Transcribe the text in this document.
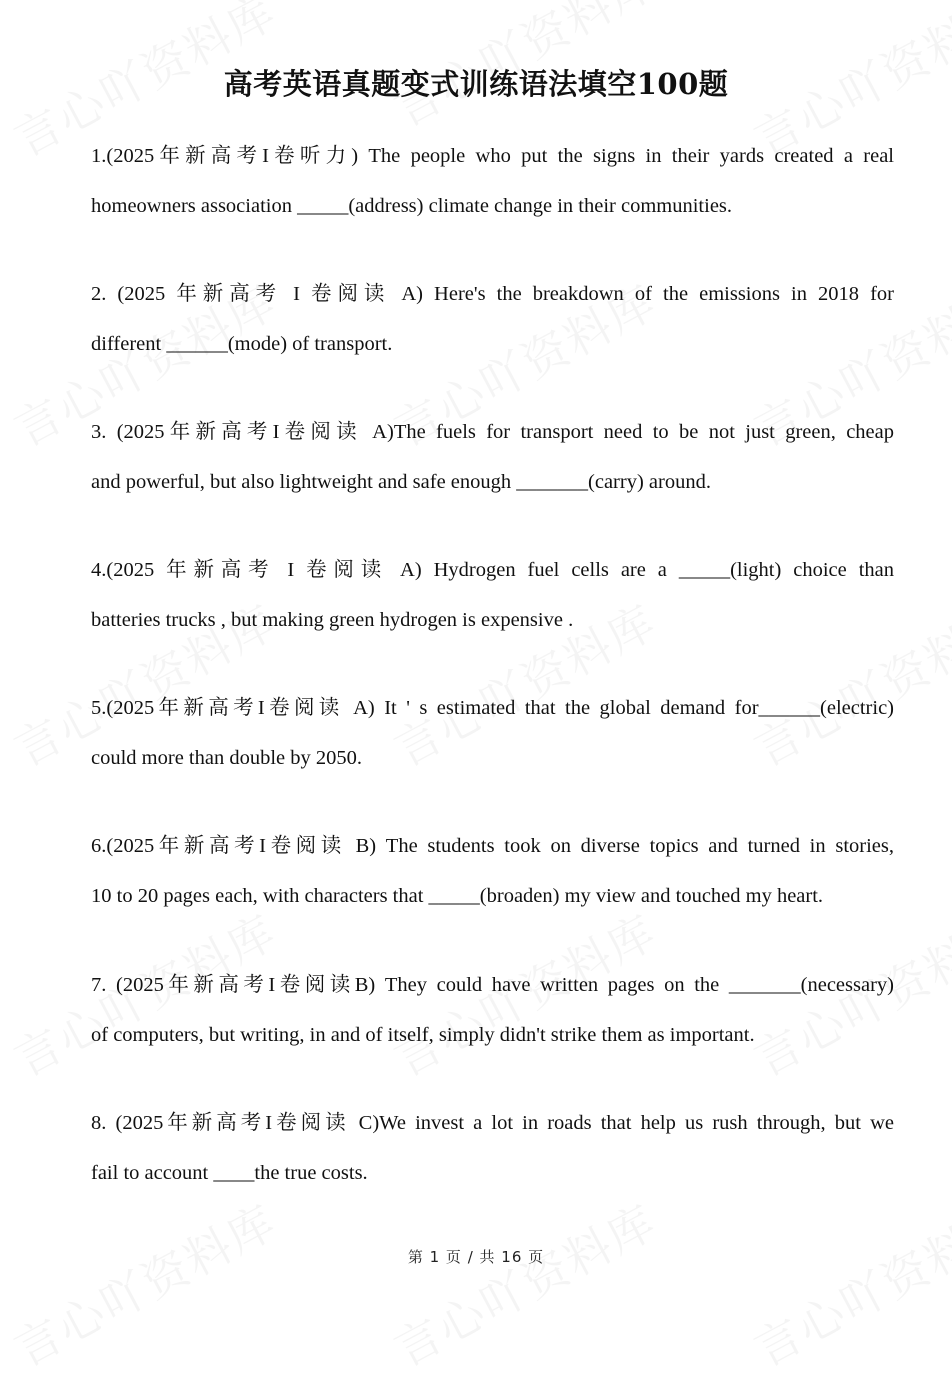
高考英语真题变式训练语法填空100题
1.(2025年新高考I卷听力) The people who put the signs in their yards created a real
homeowners association _____(address) climate change in their communities.
2. (2025 年新高考 I 卷阅读 A) Here's the breakdown of the emissions in 2018 for
different ______(mode) of transport.
3. (2025年新高考I卷阅读 A)The fuels for transport need to be not just green, cheap
and powerful, but also lightweight and safe enough _______(carry) around.
4.(2025 年新高考 I 卷阅读 A) Hydrogen fuel cells are a _____(light) choice than
batteries trucks , but making green hydrogen is expensive .
5.(2025年新高考I卷阅读 A) It ' s estimated that the global demand for______(electric)
could more than double by 2050.
6.(2025年新高考I卷阅读 B) The students took on diverse topics and turned in stories,
10 to 20 pages each, with characters that _____(broaden) my view and touched my heart.
7. (2025年新高考I卷阅读B) They could have written pages on the _______(necessary)
of computers, but writing, in and of itself, simply didn't strike them as important.
8. (2025年新高考I卷阅读 C)We invest a lot in roads that help us rush through, but we
fail to account ____the true costs.
第 1 页 / 共 16 页
